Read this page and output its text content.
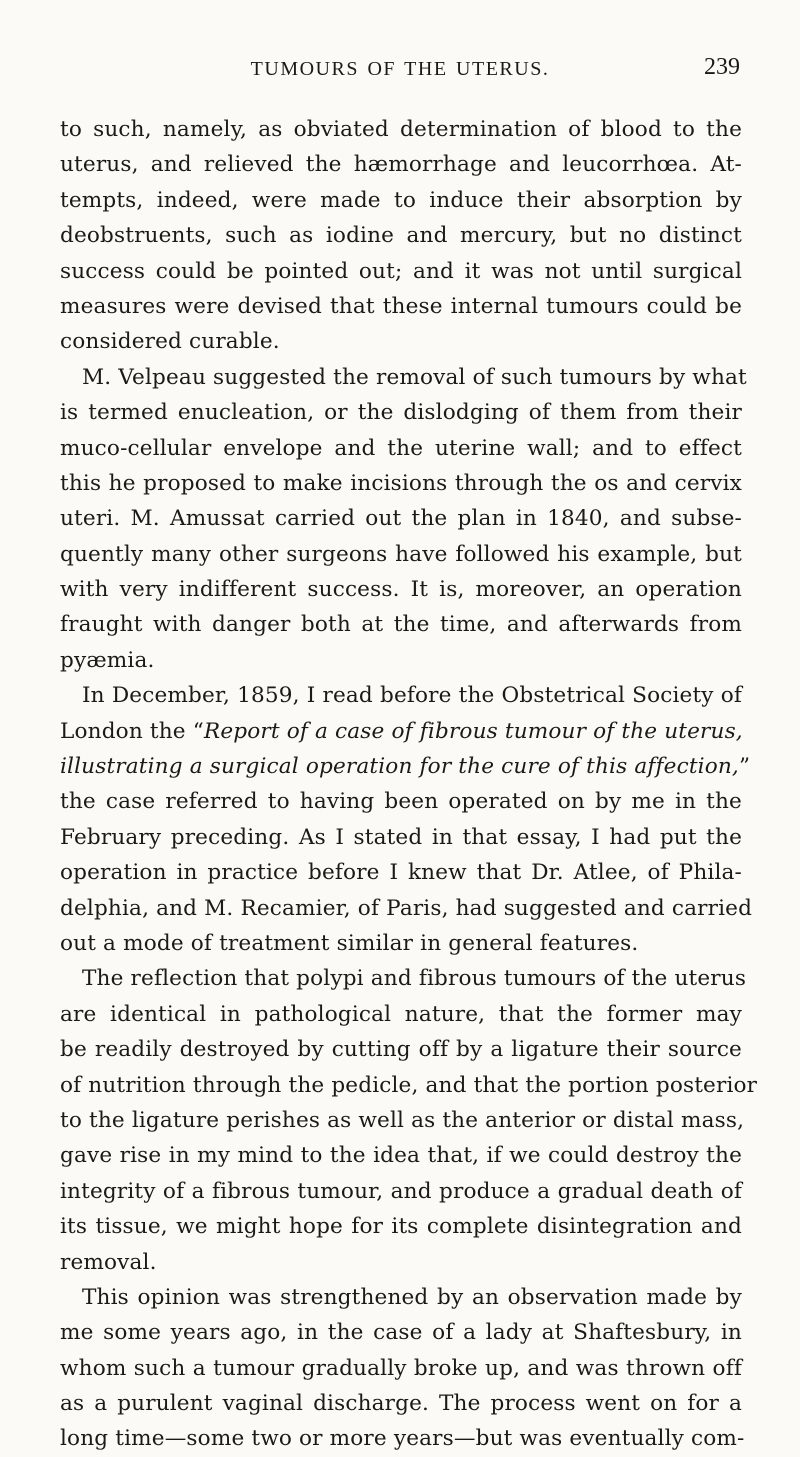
TUMOURS OF THE UTERUS.	239
to such, namely, as obviated determination of blood to the
uterus, and relieved the hæmorrhage and leucorrhœa. At-
tempts, indeed, were made to induce their absorption by
deobstruents, such as iodine and mercury, but no distinct
success could be pointed out; and it was not until surgical
measures were devised that these internal tumours could be
considered curable.
M. Velpeau suggested the removal of such tumours by what
is termed enucleation, or the dislodging of them from their
muco-cellular envelope and the uterine wall; and to effect
this he proposed to make incisions through the os and cervix
uteri. M. Amussat carried out the plan in 1840, and subse-
quently many other surgeons have followed his example, but
with very indifferent success. It is, moreover, an operation
fraught with danger both at the time, and afterwards from
pyæmia.
In December, 1859, I read before the Obstetrical Society of
London the “Report of a case of fibrous tumour of the uterus,
illustrating a surgical operation for the cure of this affection,”
the case referred to having been operated on by me in the
February preceding. As I stated in that essay, I had put the
operation in practice before I knew that Dr. Atlee, of Phila-
delphia, and M. Recamier, of Paris, had suggested and carried
out a mode of treatment similar in general features.
The reflection that polypi and fibrous tumours of the uterus
are identical in pathological nature, that the former may
be readily destroyed by cutting off by a ligature their source
of nutrition through the pedicle, and that the portion posterior
to the ligature perishes as well as the anterior or distal mass,
gave rise in my mind to the idea that, if we could destroy the
integrity of a fibrous tumour, and produce a gradual death of
its tissue, we might hope for its complete disintegration and
removal.
This opinion was strengthened by an observation made by
me some years ago, in the case of a lady at Shaftesbury, in
whom such a tumour gradually broke up, and was thrown off
as a purulent vaginal discharge. The process went on for a
long time—some two or more years—but was eventually com-
